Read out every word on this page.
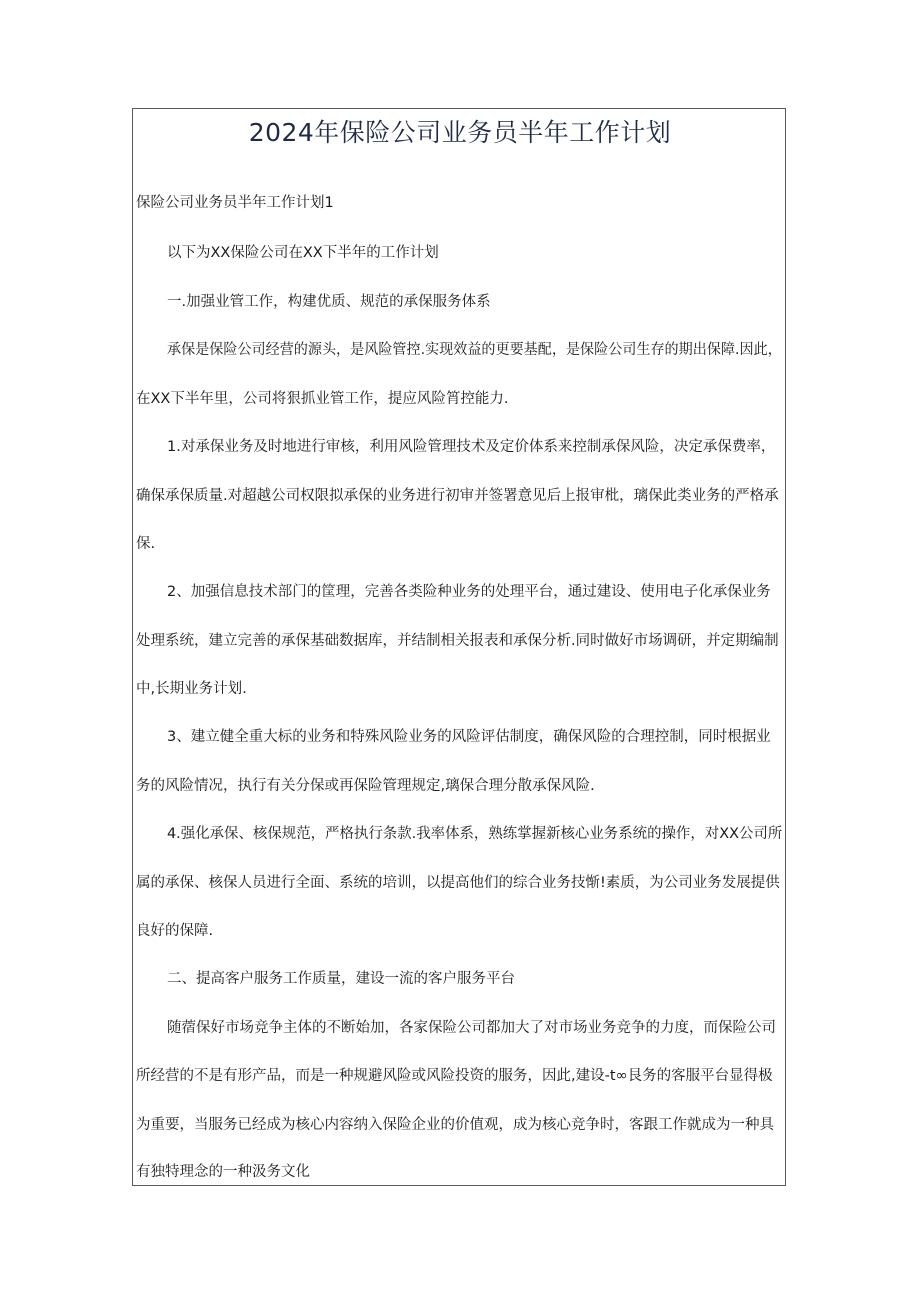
2024年保险公司业务员半年工作计划
保险公司业务员半年工作计划1
以下为XX保险公司在XX下半年的工作计划
一.加强业管工作，构建优质、规范的承保服务体系
承保是保险公司经营的源头，是风险管控.实现效益的更要基配，是保险公司生存的期出保障.因此，
在XX下半年里，公司将狠抓业管工作，提应风险筲控能力.
1.对承保业务及时地进行审核，利用风险管理技术及定价体系来控制承保风险，决定承保费率，
确保承保质量.对超越公司权限拟承保的业务进行初审并签署意见后上报审枇，璃保此类业务的严格承
保.
2、加强信息技术部门的筐理，完善各类险种业务的处理平台，通过建设、使用电子化承保业务
处理系统，建立完善的承保基础数据库，并结制相关报表和承保分析.同时做好市场调研，并定期编制
中,长期业务计划.
3、建立健全重大标的业务和特殊风险业务的风险评估制度，确保风险的合理控制，同时根据业
务的风险情况，执行有关分保或再保险管理规定,璃保合理分散承保风险.
4.强化承保、核保规范，严格执行条款.我率体系，熟练掌握新核心业务系统的操作，对XX公司所
属的承保、核保人员进行全面、系统的培训，以提高他们的综合业务技惭!素质，为公司业务发展提供
良好的保障.
二、提高客户服务工作质量，建设一流的客户服务平台
随蓿保好市场竞争主体的不断始加，各家保险公司都加大了对市场业务竞争的力度，而保险公司
所经营的不是有形产品，而是一种规避风险或风险投资的服务，因此,建设-t∞艮务的客服平台显得极
为重要，当服务已经成为核心内容纳入保险企业的价值观，成为核心竞争时，客跟工作就成为一种具
有独特理念的一种汲务文化
